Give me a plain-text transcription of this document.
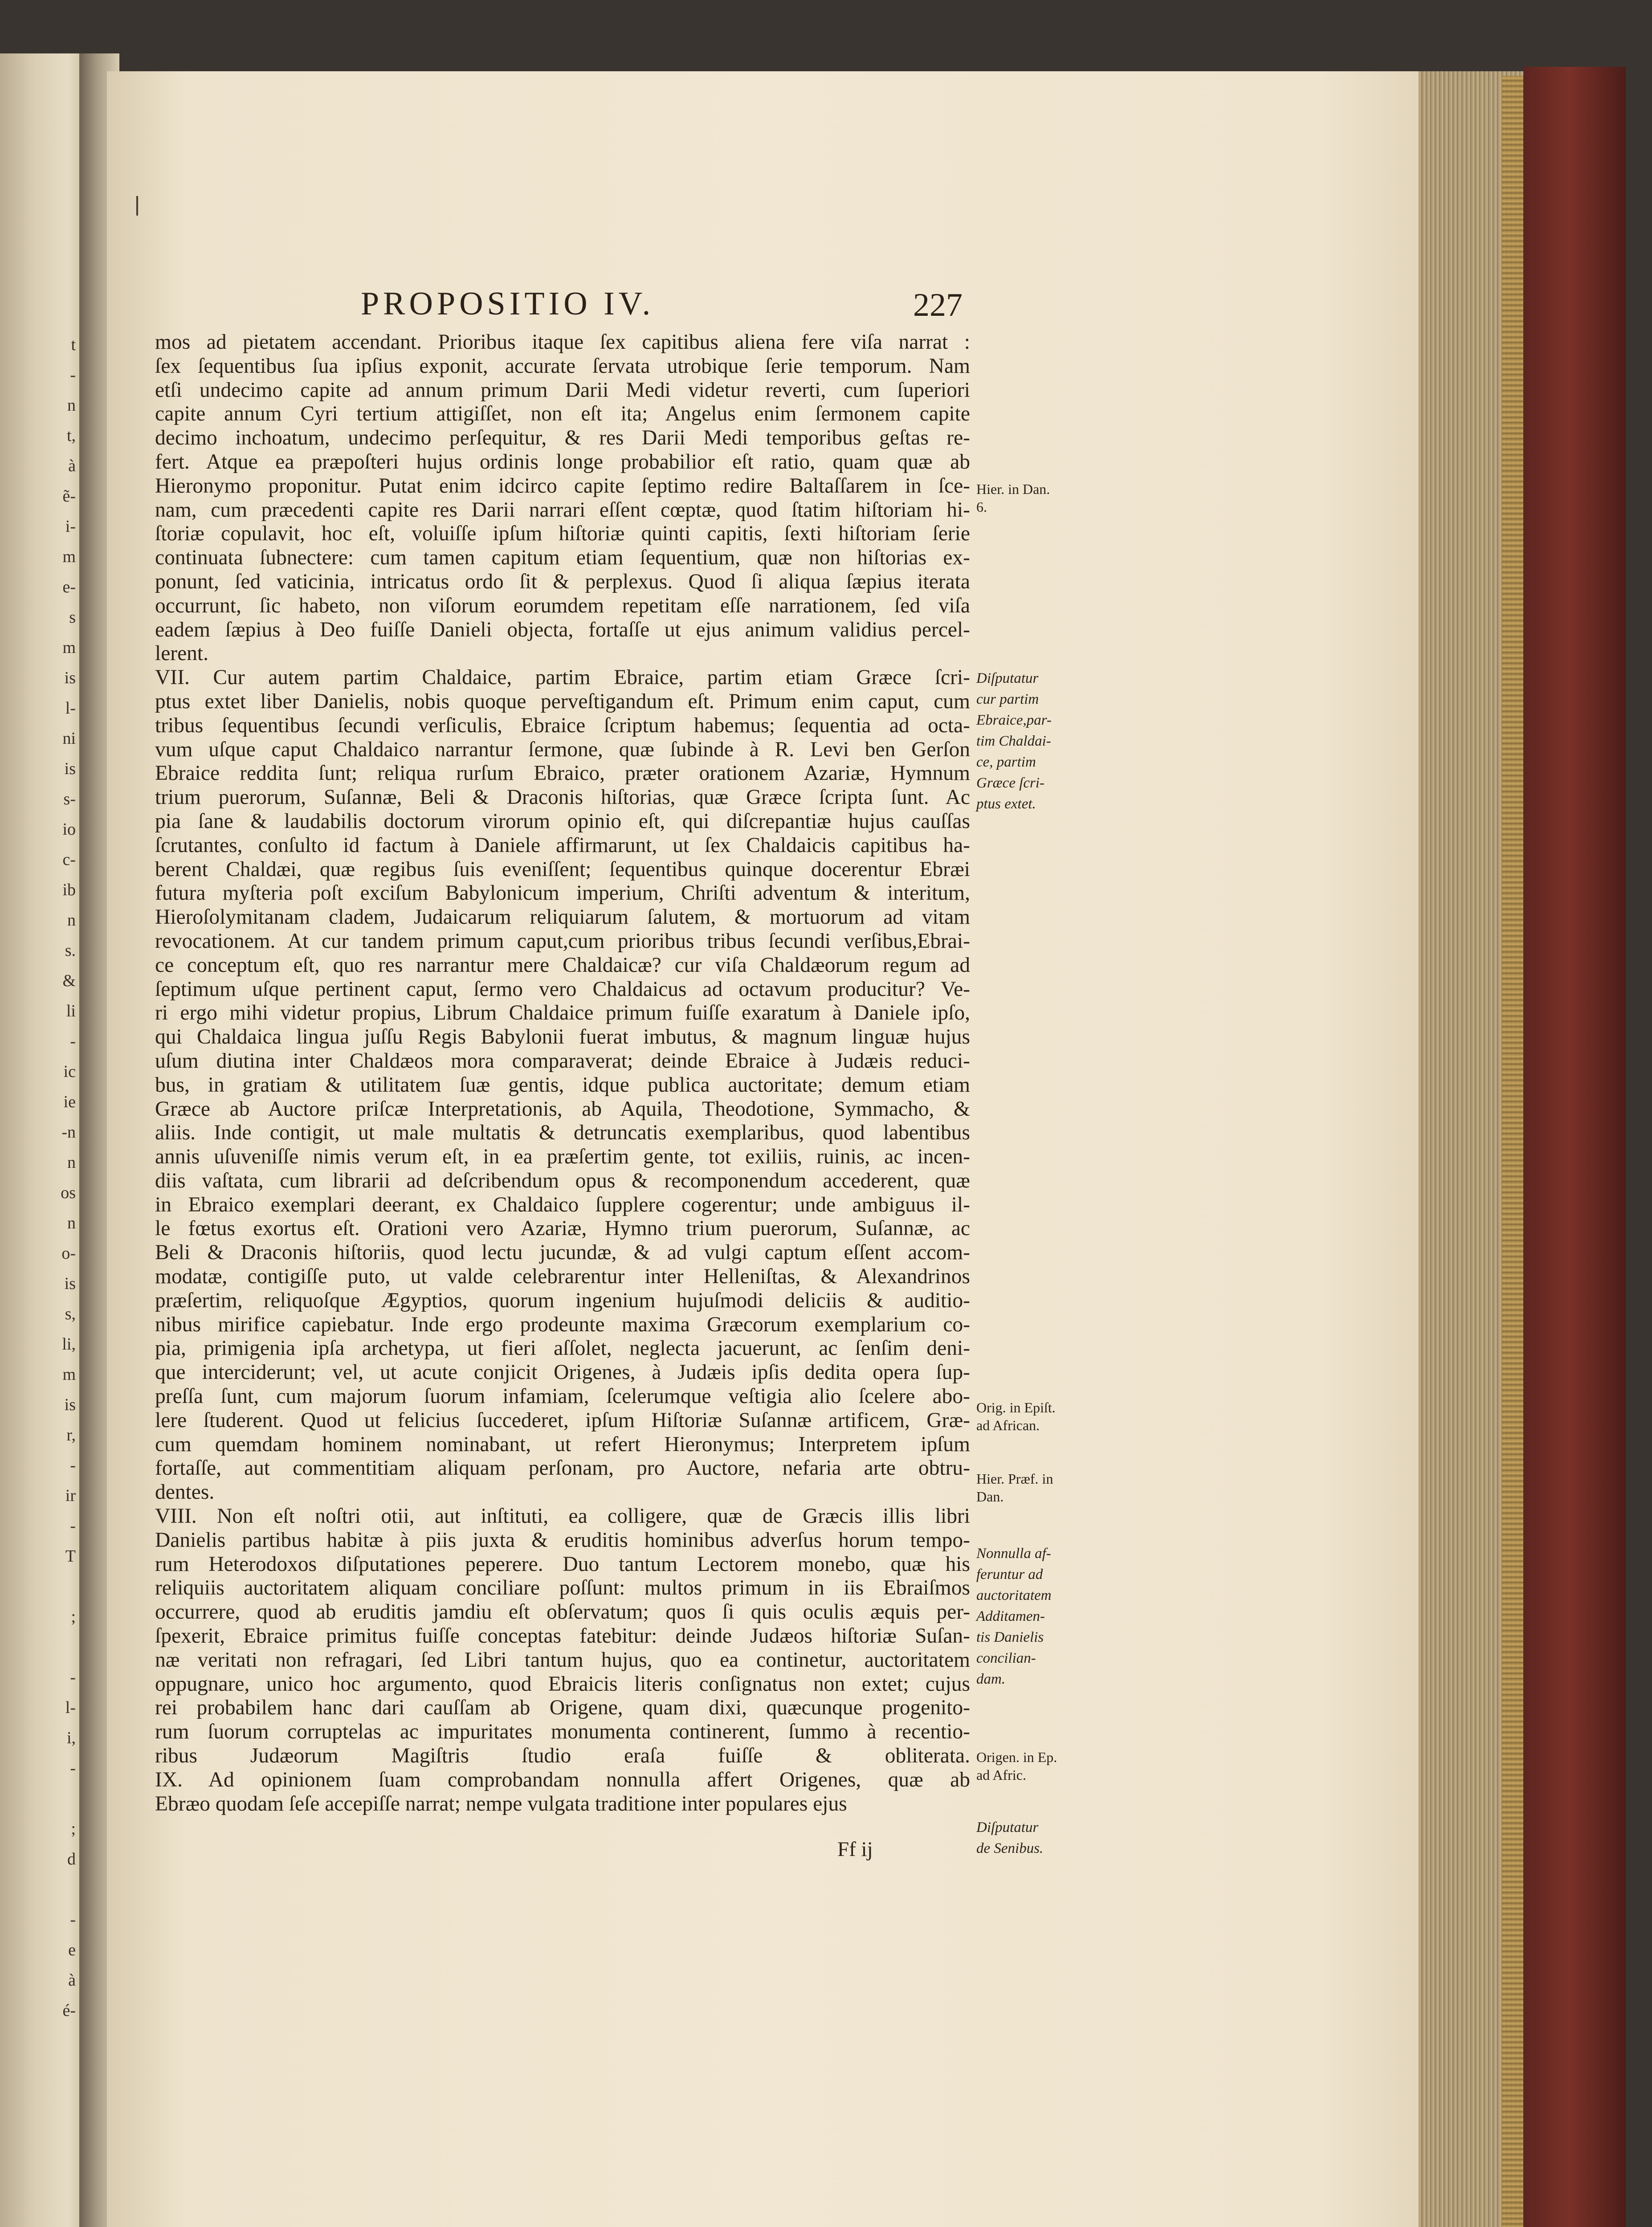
t
-
n
t,
à
ẽ-
i-
m
e-
s
m
is
l-
ni
is
s-
io
c-
ib
n
s.
&
li
-
ic
ie
-n
n
os
n
o-
is
s,
li,
m
is
r,
-
ir
-
T
;
-
l-
i,
-
;
d
-
e
à
é-
PROPOSITIO IV.	227
mos ad pietatem accendant. Prioribus itaque ſex capitibus aliena fere viſa narrat :
ſex ſequentibus ſua ipſius exponit, accurate ſervata utrobique ſerie temporum. Nam
etſi undecimo capite ad annum primum Darii Medi videtur reverti, cum ſuperiori
capite annum Cyri tertium attigiſſet, non eſt ita; Angelus enim ſermonem capite
decimo inchoatum, undecimo perſequitur, & res Darii Medi temporibus geſtas re-
fert. Atque ea præpoſteri hujus ordinis longe probabilior eſt ratio, quam quæ ab
Hieronymo proponitur. Putat enim idcirco capite ſeptimo redire Baltaſſarem in ſce-
nam, cum præcedenti capite res Darii narrari eſſent cœptæ, quod ſtatim hiſtoriam hi-
ſtoriæ copulavit, hoc eſt, voluiſſe ipſum hiſtoriæ quinti capitis, ſexti hiſtoriam ſerie
continuata ſubnectere: cum tamen capitum etiam ſequentium, quæ non hiſtorias ex-
ponunt, ſed vaticinia, intricatus ordo ſit & perplexus. Quod ſi aliqua ſæpius iterata
occurrunt, ſic habeto, non viſorum eorumdem repetitam eſſe narrationem, ſed viſa
eadem ſæpius à Deo fuiſſe Danieli objecta, fortaſſe ut ejus animum validius percel-
lerent.
VII. Cur autem partim Chaldaice, partim Ebraice, partim etiam Græce ſcri-
ptus extet liber Danielis, nobis quoque perveſtigandum eſt. Primum enim caput, cum
tribus ſequentibus ſecundi verſiculis, Ebraice ſcriptum habemus; ſequentia ad octa-
vum uſque caput Chaldaico narrantur ſermone, quæ ſubinde à R. Levi ben Gerſon
Ebraice reddita ſunt; reliqua rurſum Ebraico, præter orationem Azariæ, Hymnum
trium puerorum, Suſannæ, Beli & Draconis hiſtorias, quæ Græce ſcripta ſunt. Ac
pia ſane & laudabilis doctorum virorum opinio eſt, qui diſcrepantiæ hujus cauſſas
ſcrutantes, conſulto id factum à Daniele affirmarunt, ut ſex Chaldaicis capitibus ha-
berent Chaldæi, quæ regibus ſuis eveniſſent; ſequentibus quinque docerentur Ebræi
futura myſteria poſt exciſum Babylonicum imperium, Chriſti adventum & interitum,
Hieroſolymitanam cladem, Judaicarum reliquiarum ſalutem, & mortuorum ad vitam
revocationem. At cur tandem primum caput,cum prioribus tribus ſecundi verſibus,Ebrai-
ce conceptum eſt, quo res narrantur mere Chaldaicæ? cur viſa Chaldæorum regum ad
ſeptimum uſque pertinent caput, ſermo vero Chaldaicus ad octavum producitur? Ve-
ri ergo mihi videtur propius, Librum Chaldaice primum fuiſſe exaratum à Daniele ipſo,
qui Chaldaica lingua juſſu Regis Babylonii fuerat imbutus, & magnum linguæ hujus
uſum diutina inter Chaldæos mora comparaverat; deinde Ebraice à Judæis reduci-
bus, in gratiam & utilitatem ſuæ gentis, idque publica auctoritate; demum etiam
Græce ab Auctore priſcæ Interpretationis, ab Aquila, Theodotione, Symmacho, &
aliis. Inde contigit, ut male multatis & detruncatis exemplaribus, quod labentibus
annis uſuveniſſe nimis verum eſt, in ea præſertim gente, tot exiliis, ruinis, ac incen-
diis vaſtata, cum librarii ad deſcribendum opus & recomponendum accederent, quæ
in Ebraico exemplari deerant, ex Chaldaico ſupplere cogerentur; unde ambiguus il-
le fœtus exortus eſt. Orationi vero Azariæ, Hymno trium puerorum, Suſannæ, ac
Beli & Draconis hiſtoriis, quod lectu jucundæ, & ad vulgi captum eſſent accom-
modatæ, contigiſſe puto, ut valde celebrarentur inter Helleniſtas, & Alexandrinos
præſertim, reliquoſque Ægyptios, quorum ingenium hujuſmodi deliciis & auditio-
nibus mirifice capiebatur. Inde ergo prodeunte maxima Græcorum exemplarium co-
pia, primigenia ipſa archetypa, ut fieri aſſolet, neglecta jacuerunt, ac ſenſim deni-
que interciderunt; vel, ut acute conjicit Origenes, à Judæis ipſis dedita opera ſup-
preſſa ſunt, cum majorum ſuorum infamiam, ſcelerumque veſtigia alio ſcelere abo-
lere ſtuderent. Quod ut felicius ſuccederet, ipſum Hiſtoriæ Suſannæ artificem, Græ-
cum quemdam hominem nominabant, ut refert Hieronymus; Interpretem ipſum
fortaſſe, aut commentitiam aliquam perſonam, pro Auctore, nefaria arte obtru-
dentes.
VIII. Non eſt noſtri otii, aut inſtituti, ea colligere, quæ de Græcis illis libri
Danielis partibus habitæ à piis juxta & eruditis hominibus adverſus horum tempo-
rum Heterodoxos diſputationes peperere. Duo tantum Lectorem monebo, quæ his
reliquiis auctoritatem aliquam conciliare poſſunt: multos primum in iis Ebraiſmos
occurrere, quod ab eruditis jamdiu eſt obſervatum; quos ſi quis oculis æquis per-
ſpexerit, Ebraice primitus fuiſſe conceptas fatebitur: deinde Judæos hiſtoriæ Suſan-
næ veritati non refragari, ſed Libri tantum hujus, quo ea continetur, auctoritatem
oppugnare, unico hoc argumento, quod Ebraicis literis conſignatus non extet; cujus
rei probabilem hanc dari cauſſam ab Origene, quam dixi, quæcunque progenito-
rum ſuorum corruptelas ac impuritates monumenta continerent, ſummo à recentio-
ribus Judæorum Magiſtris ſtudio eraſa fuiſſe & obliterata.
IX. Ad opinionem ſuam comprobandam nonnulla affert Origenes, quæ ab
Ebræo quodam ſeſe accepiſſe narrat; nempe vulgata traditione inter populares ejus
Hier. in Dan.
6.
Diſputatur
cur partim
Ebraice,par-
tim Chaldai-
ce, partim
Græce ſcri-
ptus extet.
Orig. in Epiſt.
ad African.
Hier. Præf. in
Dan.
Nonnulla af-
feruntur ad
auctoritatem
Additamen-
tis Danielis
concilian-
dam.
Origen. in Ep.
ad Afric.
Diſputatur
de Senibus.
Ff ij
